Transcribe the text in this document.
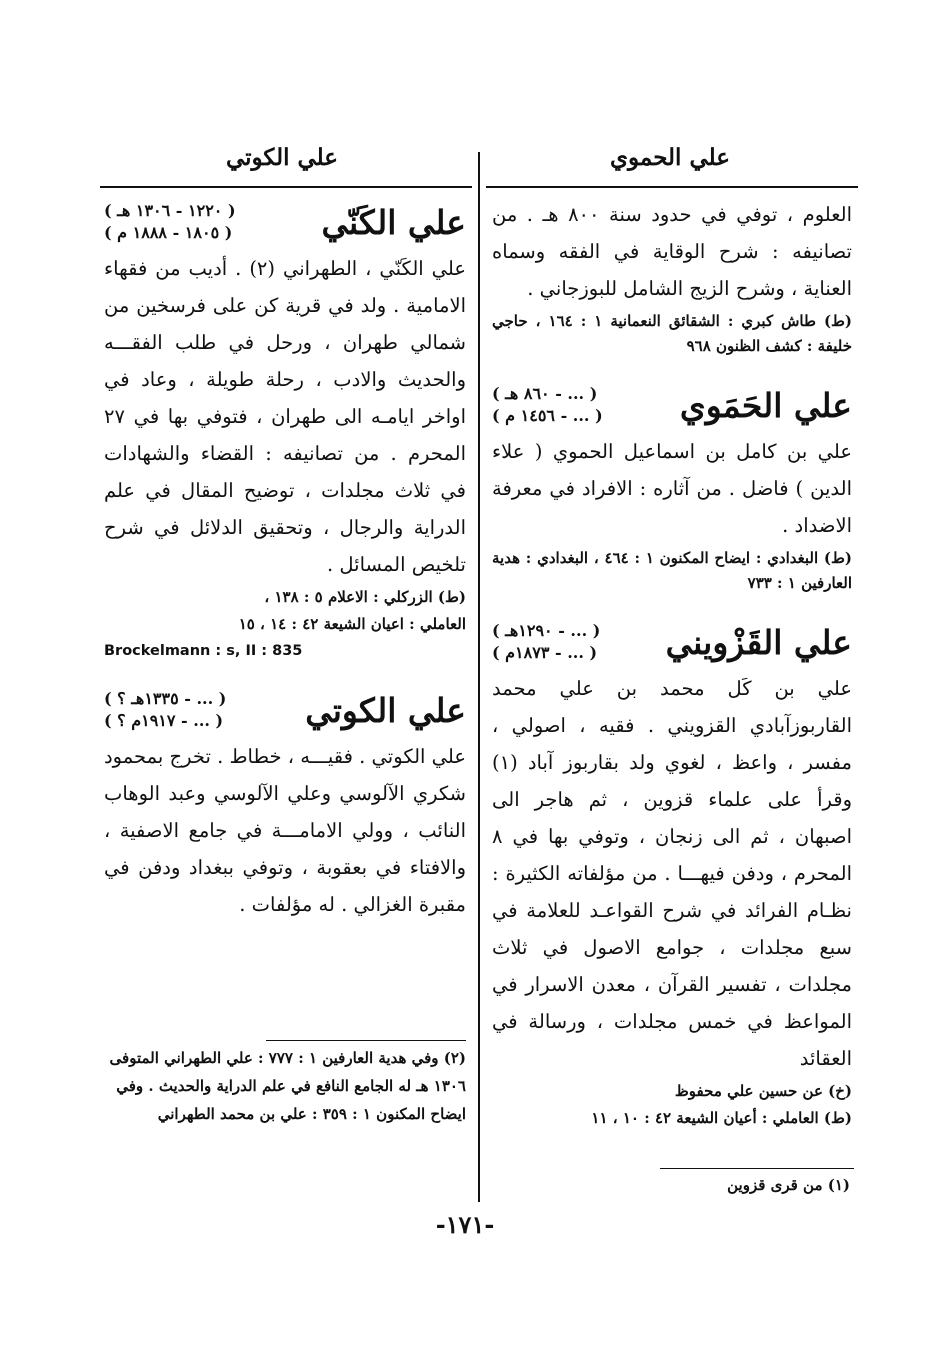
علي الحموي
علي الكوتي

العلوم ، توفي في حدود سنة ٨٠٠ هـ . من تصانيفه : شرح الوقاية في الفقه وسماه العناية ، وشرح الزيج الشامل للبوزجاني .

(ط) طاش كبري : الشقائق النعمانية ١ : ١٦٤ ، حاجي خليفة : كشف الظنون ٩٦٨

علي الحَمَوي
( ... - ٨٦٠ هـ )
( ... - ١٤٥٦ م )

علي بن كامل بن اسماعيل الحموي ( علاء الدين ) فاضل . من آثاره : الافراد في معرفة الاضداد .

(ط) البغدادي : ايضاح المكنون ١ : ٤٦٤ ، البغدادي : هدية العارفين ١ : ٧٣٣

علي القَزْويني
( ... - ١٢٩٠هـ )
( ... - ١٨٧٣م )

علي بن كَل محمد بن علي محمد القاربوزآبادي القزويني . فقيه ، اصولي ، مفسر ، واعظ ، لغوي ولد بقاربوز آباد (١) وقرأ على علماء قزوين ، ثم هاجر الى اصبهان ، ثم الى زنجان ، وتوفي بها في ٨ المحرم ، ودفن فيهـــا . من مؤلفاته الكثيرة : نظـام الفرائد في شرح القواعـد للعلامة في سبع مجلدات ، جوامع الاصول في ثلاث مجلدات ، تفسير القرآن ، معدن الاسرار في المواعظ في خمس مجلدات ، ورسالة في العقائد

(خ) عن حسين علي محفوظ

(ط) العاملي : أعيان الشيعة ٤٢ : ١٠ ، ١١

علي الكَنّي
( ١٢٢٠ - ١٣٠٦ هـ )
( ١٨٠٥ - ١٨٨٨ م )

علي الكَنّي ، الطهراني (٢) . أديب من فقهاء الامامية . ولد في قرية كن على فرسخين من شمالي طهران ، ورحل في طلب الفقـــه والحديث والادب ، رحلة طويلة ، وعاد في اواخر ايامـه الى طهران ، فتوفي بها في ٢٧ المحرم . من تصانيفه : القضاء والشهادات في ثلاث مجلدات ، توضيح المقال في علم الدراية والرجال ، وتحقيق الدلائل في شرح تلخيص المسائل .

(ط) الزركلي : الاعلام ٥ : ١٣٨ ،

العاملي : اعيان الشيعة ٤٢ : ١٤ ، ١٥

Brockelmann : s, II : 835

علي الكوتي
( ... - ١٣٣٥هـ ؟ )
( ... - ١٩١٧م ؟ )

علي الكوتي . فقيـــه ، خطاط . تخرج بمحمود شكري الآلوسي وعلي الآلوسي وعبد الوهاب النائب ، وولي الامامـــة في جامع الاصفية ، والافتاء في بعقوبة ، وتوفي ببغداد ودفن في مقبرة الغزالي . له مؤلفات .

(١) من قرى قزوين
(٢) وفي هدية العارفين ١ : ٧٧٧ : علي الطهراني المتوفى ١٣٠٦ هـ له الجامع النافع في علم الدراية والحديث . وفي ايضاح المكنون ١ : ٣٥٩ : علي بن محمد الطهراني
-١٧١-
